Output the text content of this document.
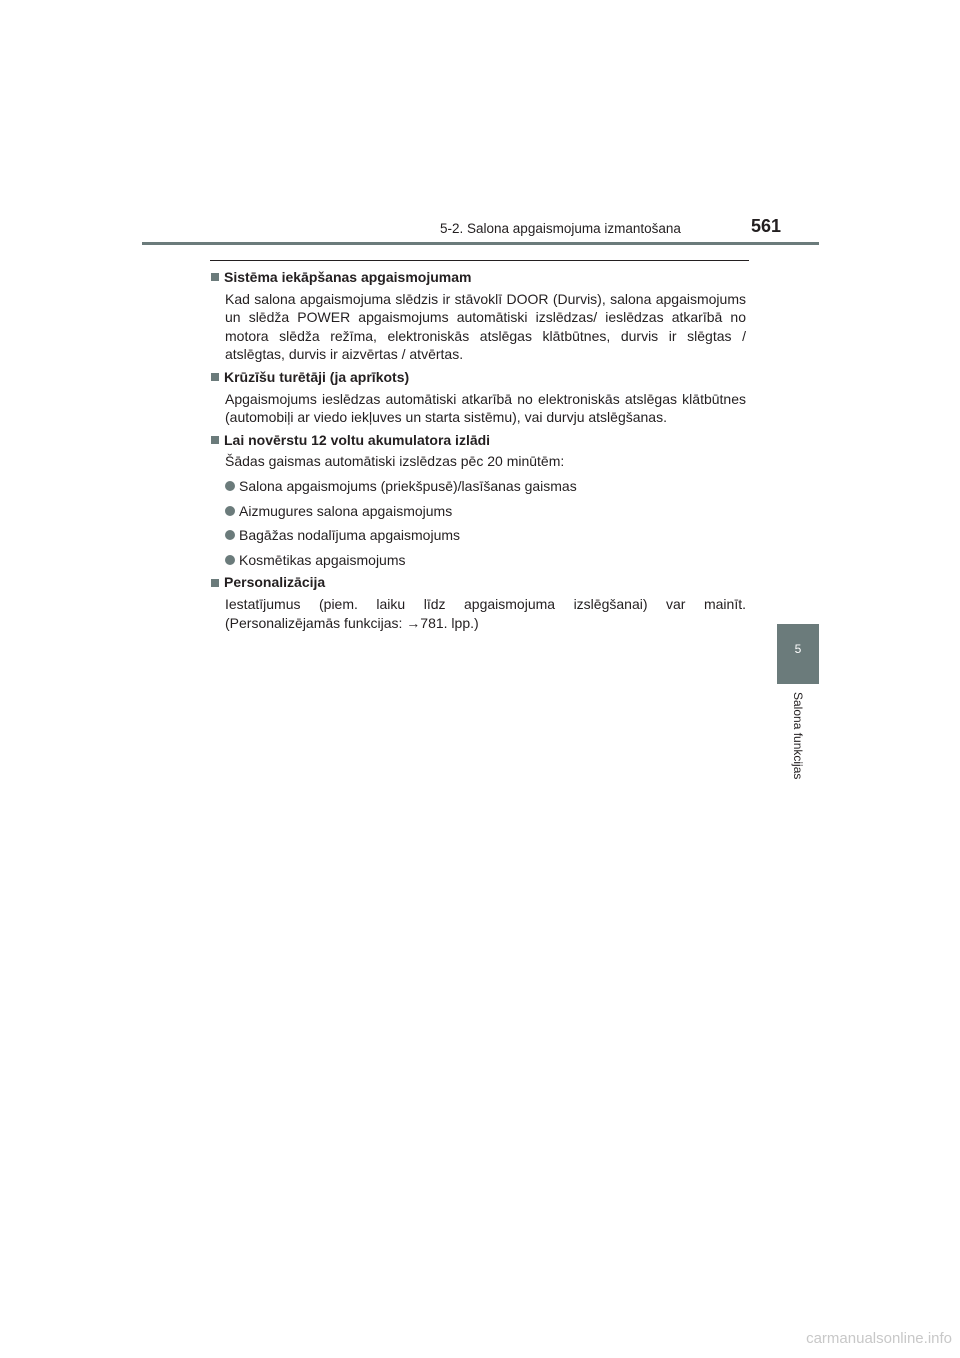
5-2. Salona apgaismojuma izmantošana	561
5
Salona funkcijas
Sistēma iekāpšanas apgaismojumam
Kad salona apgaismojuma slēdzis ir stāvoklī DOOR (Durvis), salona apgaismojums un slēdža POWER apgaismojums automātiski izslēdzas/ ieslēdzas atkarībā no motora slēdža režīma, elektroniskās atslēgas klātbūtnes, durvis ir slēgtas / atslēgtas, durvis ir aizvērtas / atvērtas.
Krūzīšu turētāji (ja aprīkots)
Apgaismojums ieslēdzas automātiski atkarībā no elektroniskās atslēgas klātbūtnes (automobiļi ar viedo iekļuves un starta sistēmu), vai durvju atslēgšanas.
Lai novērstu 12 voltu akumulatora izlādi
Šādas gaismas automātiski izslēdzas pēc 20 minūtēm:
Salona apgaismojums (priekšpusē)/lasīšanas gaismas
Aizmugures salona apgaismojums
Bagāžas nodalījuma apgaismojums
Kosmētikas apgaismojums
Personalizācija
Iestatījumus (piem. laiku līdz apgaismojuma izslēgšanai) var mainīt. (Personalizējamās funkcijas: →781. lpp.)
carmanualsonline.info
